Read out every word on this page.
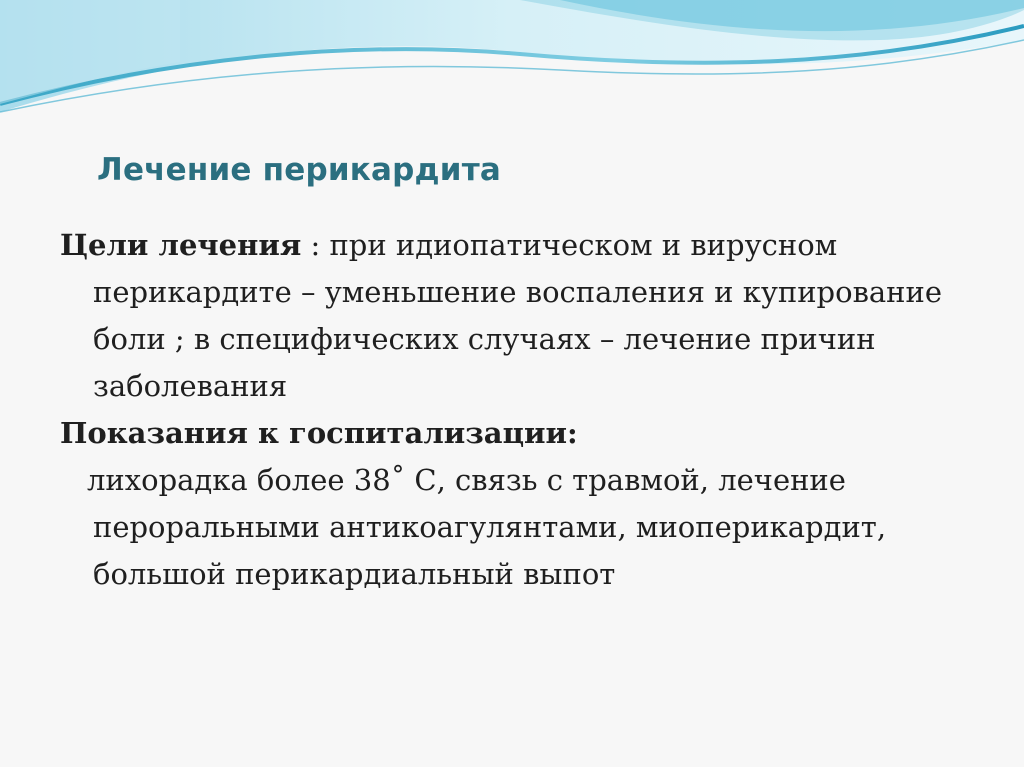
Лечение перикардита

Цели лечения : при идиопатическом и вирусном перикардите – уменьшение воспаления и купирование боли ; в специфических случаях – лечение причин заболевания

Показания к госпитализации:

лихорадка более 38˚ С, связь с травмой, лечение пероральными антикоагулянтами, миоперикардит, большой перикардиальный выпот
